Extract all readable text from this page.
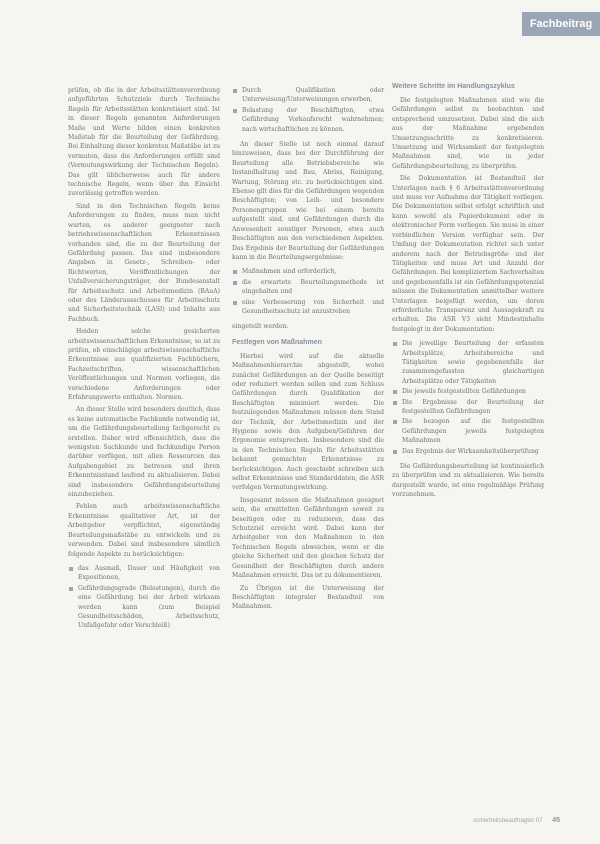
Fachbeitrag

prüfen, ob die in der Arbeitsstättenverordnung aufgeführten Schutzziele durch Technische Regeln für Arbeitsstätten konkretisiert sind. Ist in dieser Regeln genannten Anforderungen Maße und Werte bilden einen konkreten Maßstab für die Beurteilung der Gefährdung. Bei Einhaltung dieser konkreten Maßstäbe ist zu vermuten, dass die Anforderungen erfüllt sind (Vermutungswirkung der Technischen Regeln). Das gilt üblicherweise auch für andere technische Regeln, wenn über ihn Einsicht zuverlässig getroffen werden.

Sind in den Technischen Regeln keine Anforderungen zu finden, muss man nicht warten, es anderer geeigneter nach betriebswissenschaftlichen Erkenntnissen vorhanden sind, die zu der Beurteilung der Gefährdung passen. Das sind insbesondere Angaben in Gesetz-, Schreiben- oder Richtwerten, Veröffentlichungen der Unfallversicherungsträger, der Bundesanstalt für Arbeitsschutz und Arbeitsmedizin (BAuA) oder des Länderausschusses für Arbeitsschutz und Sicherheitstechnik (LASI) und Inhalte aus Fachbuch.

Heiden solche gesicherten arbeitswissenschaftlichen Erkenntnisse, so ist zu prüfen, ob einschlägige arbeitswissenschaftliche Erkenntnisse aus qualifizierten Fachbüchern, Fachzeitschriften, wissenschaftlichen Veröffentlichungen und Normen vorliegen, die verschiedene Anforderungen oder Erfahrungswerte enthalten. Normen.

An dieser Stelle wird besonders deutlich, dass es keine automatische Fachkunde notwendig ist, um die Gefährdungsbeurteilung fachgerecht zu erstellen. Daher wird offensichtlich, dass die wenigsten Sachkunde und fachkundige Person darüber verfügen, mit allen Ressourcen das Aufgabengebiet zu betreuen und ihren Erkenntnisstand laufend zu aktualisieren. Dabei sind insbesondere Gefährdungsbeurteilung einzubeziehen.

Fehlen auch arbeitswissenschaftliche Erkenntnisse qualitativer Art, ist der Arbeitgeber verpflichtet, eigenständig Beurteilungsmaßstäbe zu entwickeln und zu verwenden. Dabei sind insbesondere sämtlich folgende Aspekte zu berücksichtigen:

das Ausmaß, Dauer und Häufigkeit von Expositionen,
Gefährdungsgrade (Belastungen), durch die eine Gefährdung bei der Arbeit wirksam werden kann (zum Beispiel Gesundheitsschäden, Arbeitsschutz, Unfallgefahr oder Verschleiß)
Durch Qualifikation oder Unterweisung/Unterweisungen erwerben,
Belastung der Beschäftigten, etwa Gefährdung Vorkaufsrecht wahrnehmen; nach wirtschaftlichen zu können.

An dieser Stelle ist noch einmal darauf hinzuweisen, dass bei der Durchführung der Beurteilung alle Betriebsbereiche wie Instandhaltung und Bau, Abriss, Reinigung, Wartung, Störung etc. zu berücksichtigen sind. Ebenso gilt dies für die Gefährdungen wegenden Beschäftigten; von Leih- und besondere Personengruppen wie bei einem bereits aufgestellt sind, und Gefährdungen durch die Anwesenheit sonstiger Personen, etwa auch Beschäftigten aus den verschiedenen Aspekten. Das Ergebnis der Beurteilung der Gefährdungen kann in die Beurteilungsergebnisse:

Maßnahmen sind erforderlich,
die erwartete Beurteilungsmethode ist eingehalten und
eine Verbesserung von Sicherheit und Gesundheitsschutz ist anzustreben

eingeteilt werden.

Festlegen von Maßnahmen

Hierbei wird auf die aktuelle Maßnahmenhierarchie abgestellt, wobei zunächst Gefährdungen an der Quelle beseitigt oder reduziert werden sollen und zum Schluss Gefährdungen durch Qualifikation der Beschäftigten minimiert werden. Die festzulegenden Maßnahmen müssen dem Stand der Technik, der Arbeitsmedizin und der Hygiene sowie den Aufgaben/Gefahren der Ergonomie entsprechen. Insbesondere sind die in den Technischen Regeln für Arbeitsstätten bekannt gemachten Erkenntnisse zu berücksichtigen. Auch geschieht schreiben sich selbst Erkenntnisse und Standarddaten, die ASR verfolgen Vermutungswirkung.

Insgesamt müssen die Maßnahmen geeignet sein, die ermittelten Gefährdungen soweit zu beseitigen oder zu reduzieren, dass das Schutzziel erreicht wird. Dabei kann der Arbeitgeber von den Maßnahmen in den Technischen Regeln abweichen, wenn er die gleiche Sicherheit und den gleichen Schutz der Gesundheit der Beschäftigten durch andere Maßnahmen erreicht. Das ist zu dokumentieren.

Zu Übrigen ist die Unterweisung der Beschäftigten integraler Bestandteil von Maßnahmen.

Weitere Schritte im Handlungszyklus

Die festgelegten Maßnahmen sind wie die Gefährdungen selbst zu beobachten und entsprechend umzusetzen. Dabei sind die sich aus der Maßnahme ergebenden Umsetzungsschritte zu konkretisieren. Umsetzung und Wirksamkeit der festgelegten Maßnahmen sind, wie in jeder Gefährdungsbeurteilung, zu überprüfen.

Die Dokumentation ist Bestandteil der Unterlagen nach § 6 Arbeitsstättenverordnung und muss vor Aufnahme der Tätigkeit vorliegen. Die Dokumentation selbst erfolgt schriftlich und kann sowohl als Papierdokument oder in elektronischer Form vorliegen. Sie muss in einer verbindlichen Version verfügbar sein. Der Umfang der Dokumentation richtet sich unter anderem nach der Betriebsgröße und der Tätigkeiten und muss Art und Anzahl der Gefährdungen. Bei kompliziertem Sachverhalten und gegebenenfalls ist ein Gefährdungspotenzial müssen die Dokumentation unmittelbar weitere Unterlagen beigefügt werden, um deren erforderliche Transparenz und Aussagekraft zu erhalten. Die ASR V3 sieht Mindestinhalte festgelegt in der Dokumentation:

Die jeweilige Beurteilung der erfassten Arbeitsplätze, Arbeitsbereiche und Tätigkeiten sowie gegebenenfalls der zusammengefassten gleichartigen Arbeitsplätze oder Tätigkeiten
Die jeweils festgestellten Gefährdungen
Die Ergebnisse der Beurteilung der festgestellten Gefährdungen
Die bezogen auf die festgestellten Gefährdungen jeweils festgelegten Maßnahmen
Das Ergebnis der Wirksamkeitsüberprüfung

Die Gefährdungsbeurteilung ist kontinuierlich zu überprüfen und zu aktualisieren. Wie bereits dargestellt wurde, ist eine regelmäßige Prüfung vorzunehmen.

sicherheitsbeauftragter 07 45
